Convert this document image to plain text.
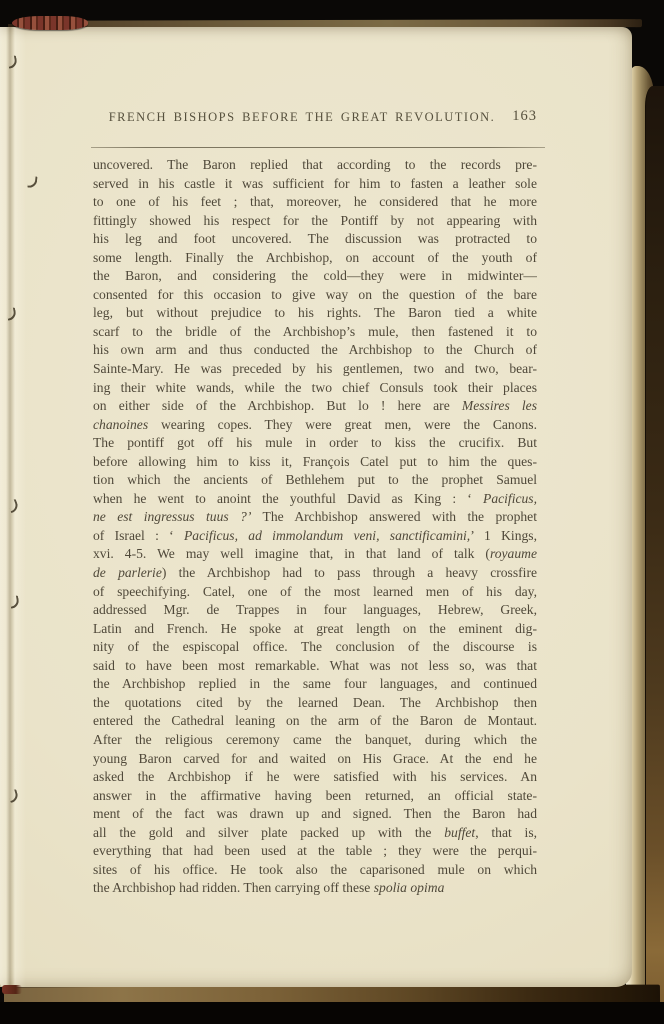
FRENCH BISHOPS BEFORE THE GREAT REVOLUTION.	163
uncovered. The Baron replied that according to the records pre-
served in his castle it was sufficient for him to fasten a leather sole
to one of his feet ; that, moreover, he considered that he more
fittingly showed his respect for the Pontiff by not appearing with
his leg and foot uncovered. The discussion was protracted to
some length. Finally the Archbishop, on account of the youth of
the Baron, and considering the cold—they were in midwinter—
consented for this occasion to give way on the question of the bare
leg, but without prejudice to his rights. The Baron tied a white
scarf to the bridle of the Archbishop’s mule, then fastened it to
his own arm and thus conducted the Archbishop to the Church of
Sainte-Mary. He was preceded by his gentlemen, two and two, bear-
ing their white wands, while the two chief Consuls took their places
on either side of the Archbishop. But lo ! here are Messires les
chanoines wearing copes. They were great men, were the Canons.
The pontiff got off his mule in order to kiss the crucifix. But
before allowing him to kiss it, François Catel put to him the ques-
tion which the ancients of Bethlehem put to the prophet Samuel
when he went to anoint the youthful David as King : ‘ Pacificus,
ne est ingressus tuus ?’ The Archbishop answered with the prophet
of Israel : ‘ Pacificus, ad immolandum veni, sanctificamini,’ 1 Kings,
xvi. 4-5. We may well imagine that, in that land of talk (royaume
de parlerie) the Archbishop had to pass through a heavy crossfire
of speechifying. Catel, one of the most learned men of his day,
addressed Mgr. de Trappes in four languages, Hebrew, Greek,
Latin and French. He spoke at great length on the eminent dig-
nity of the espiscopal office. The conclusion of the discourse is
said to have been most remarkable. What was not less so, was that
the Archbishop replied in the same four languages, and continued
the quotations cited by the learned Dean. The Archbishop then
entered the Cathedral leaning on the arm of the Baron de Montaut.
After the religious ceremony came the banquet, during which the
young Baron carved for and waited on His Grace. At the end he
asked the Archbishop if he were satisfied with his services. An
answer in the affirmative having been returned, an official state-
ment of the fact was drawn up and signed. Then the Baron had
all the gold and silver plate packed up with the buffet, that is,
everything that had been used at the table ; they were the perqui-
sites of his office. He took also the caparisoned mule on which
the Archbishop had ridden. Then carrying off these spolia opima
